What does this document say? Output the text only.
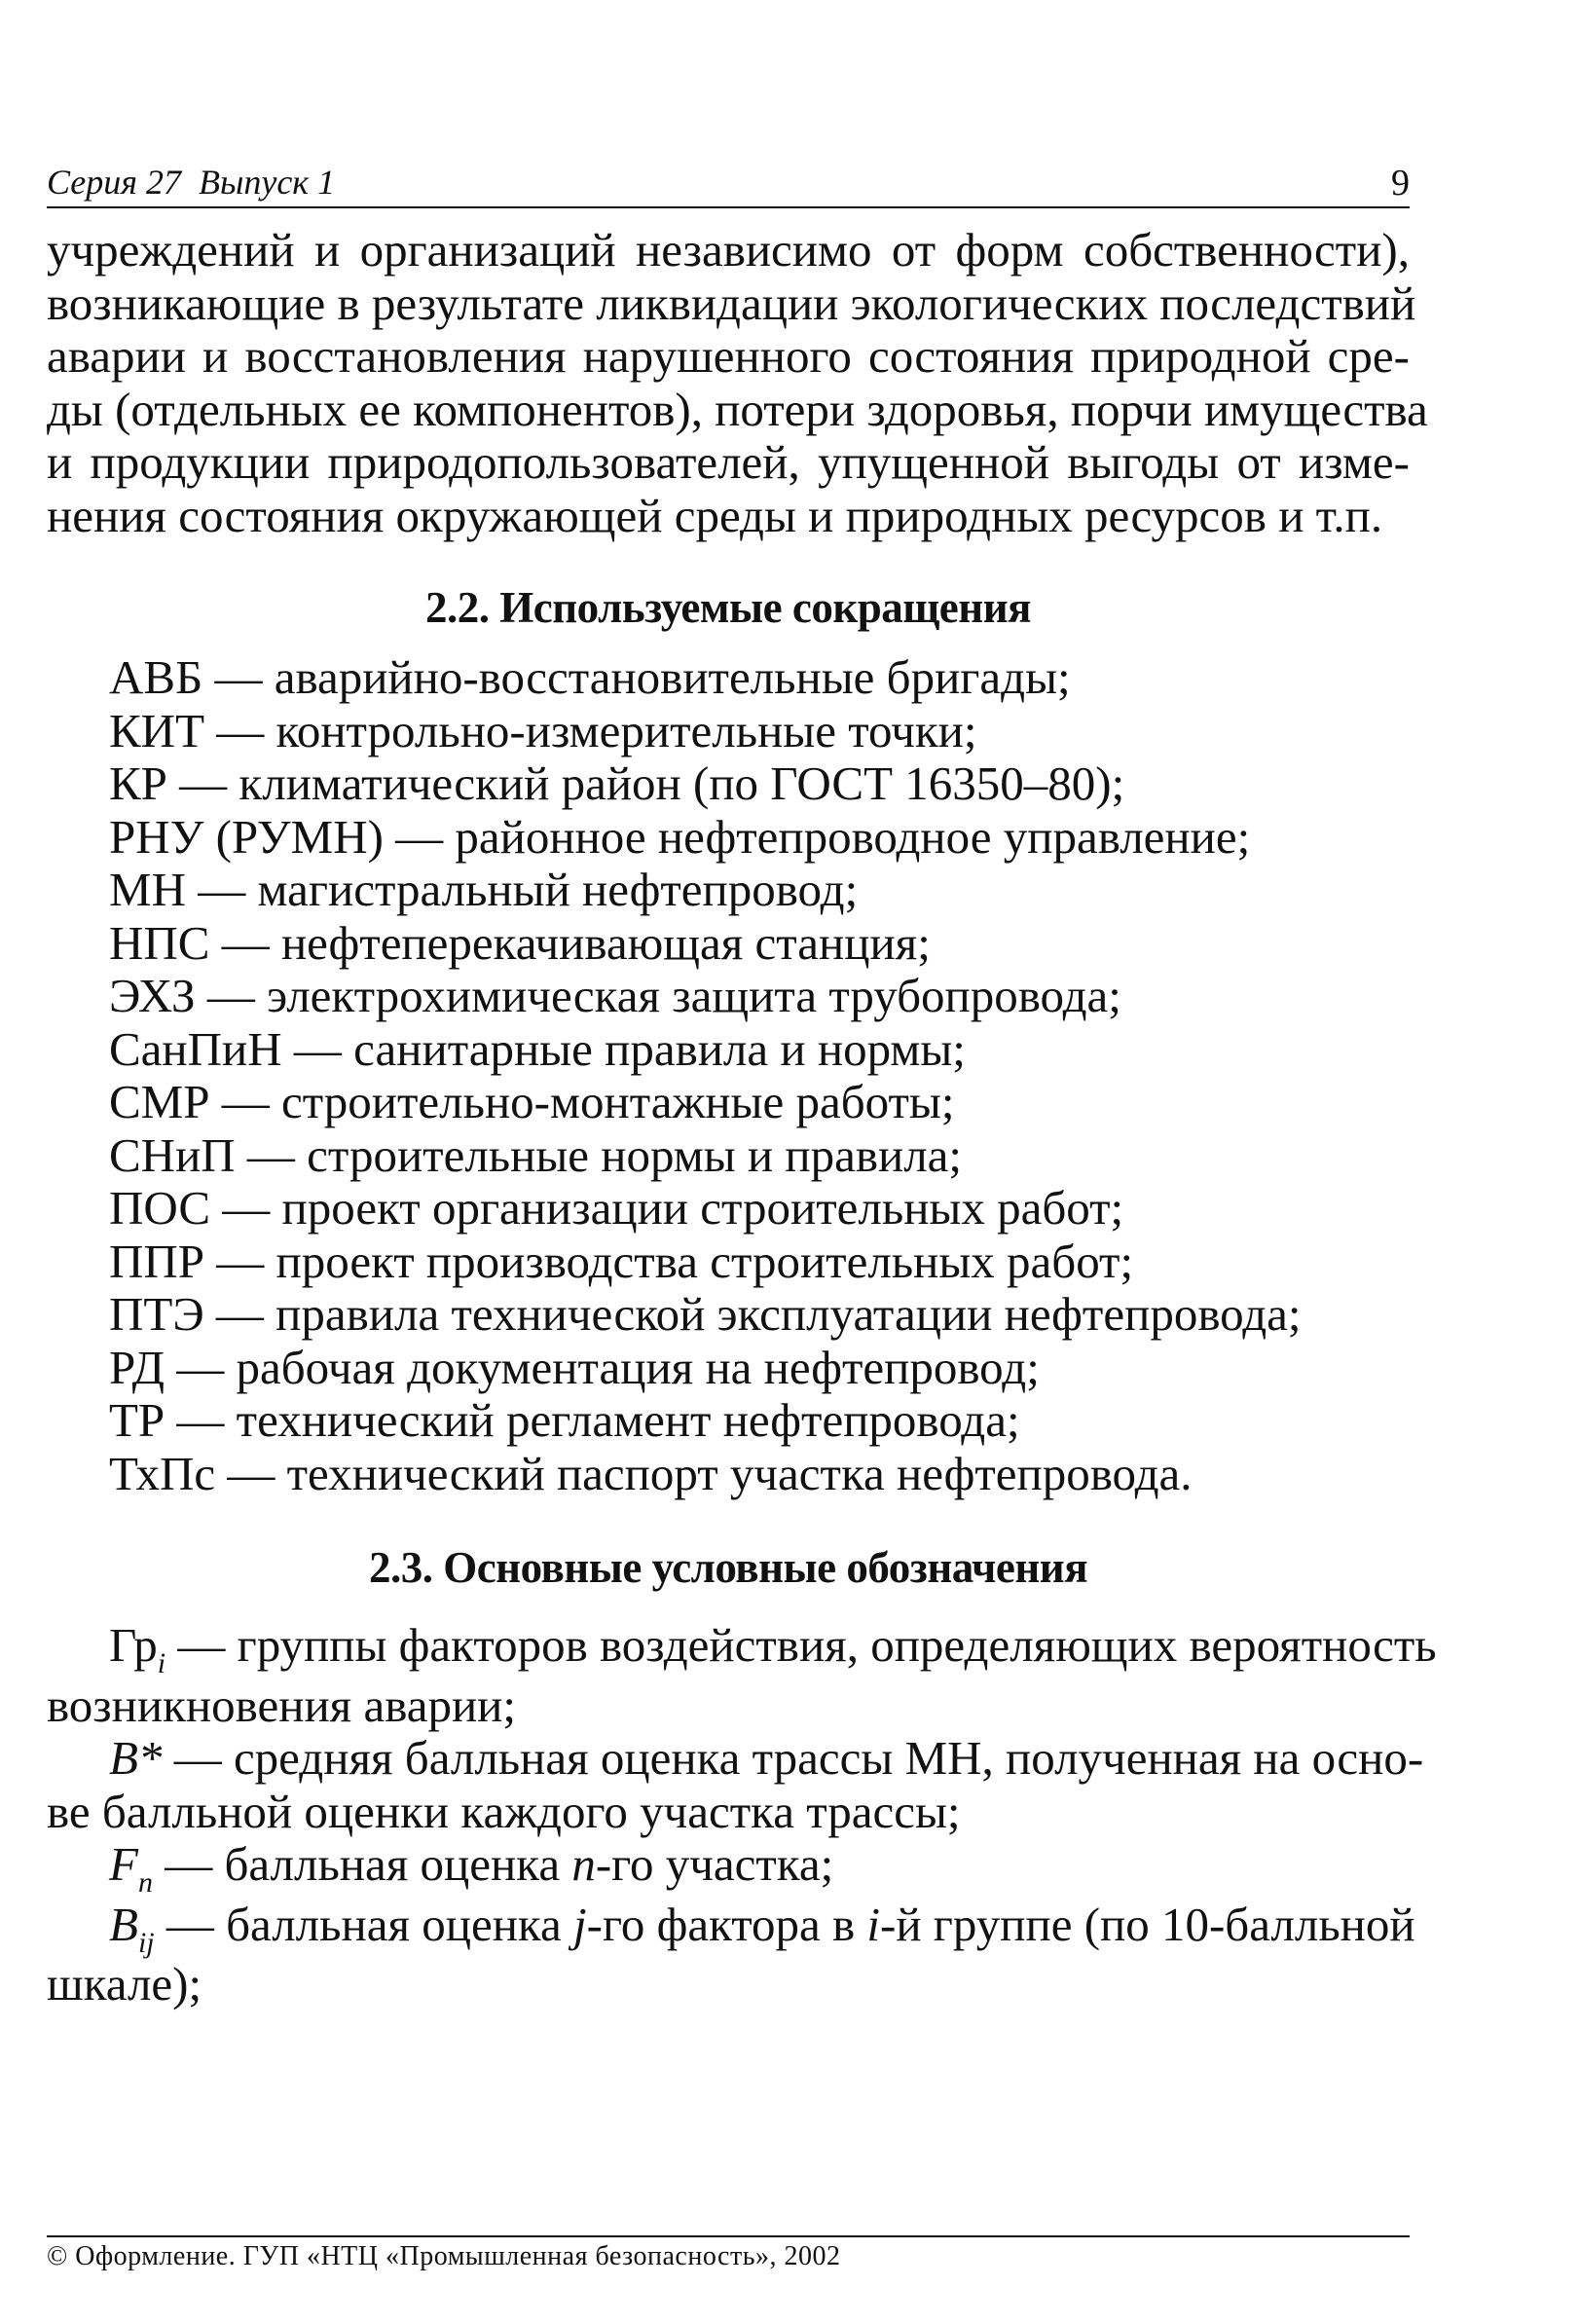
Серия 27  Выпуск 1	9

учреждений и организаций независимо от форм собственности),
возникающие в результате ликвидации экологических последствий
аварии и восстановления нарушенного состояния природной сре-
ды (отдельных ее компонентов), потери здоровья, порчи имущества
и продукции природопользователей, упущенной выгоды от изме-
нения состояния окружающей среды и природных ресурсов и т.п.

2.2. Используемые сокращения
АВБ — аварийно-восстановительные бригады;
КИТ — контрольно-измерительные точки;
КР — климатический район (по ГОСТ 16350–80);
РНУ (РУМН) — районное нефтепроводное управление;
МН — магистральный нефтепровод;
НПС — нефтеперекачивающая станция;
ЭХЗ — электрохимическая защита трубопровода;
СанПиН — санитарные правила и нормы;
СМР — строительно-монтажные работы;
СНиП — строительные нормы и правила;
ПОС — проект организации строительных работ;
ППР — проект производства строительных работ;
ПТЭ — правила технической эксплуатации нефтепровода;
РД — рабочая документация на нефтепровод;
ТР — технический регламент нефтепровода;
ТхПс — технический паспорт участка нефтепровода.
2.3. Основные условные обозначения
$Гр_i$ — группы факторов воздействия, определяющих вероятность
возникновения аварии;
B* — средняя балльная оценка трассы МН, полученная на осно-
ве балльной оценки каждого участка трассы;
$F_n$ — балльная оценка n-го участка;
$B_{ij}$ — балльная оценка j-го фактора в i-й группе (по 10-балльной
шкале);
© Оформление. ГУП «НТЦ «Промышленная безопасность», 2002
